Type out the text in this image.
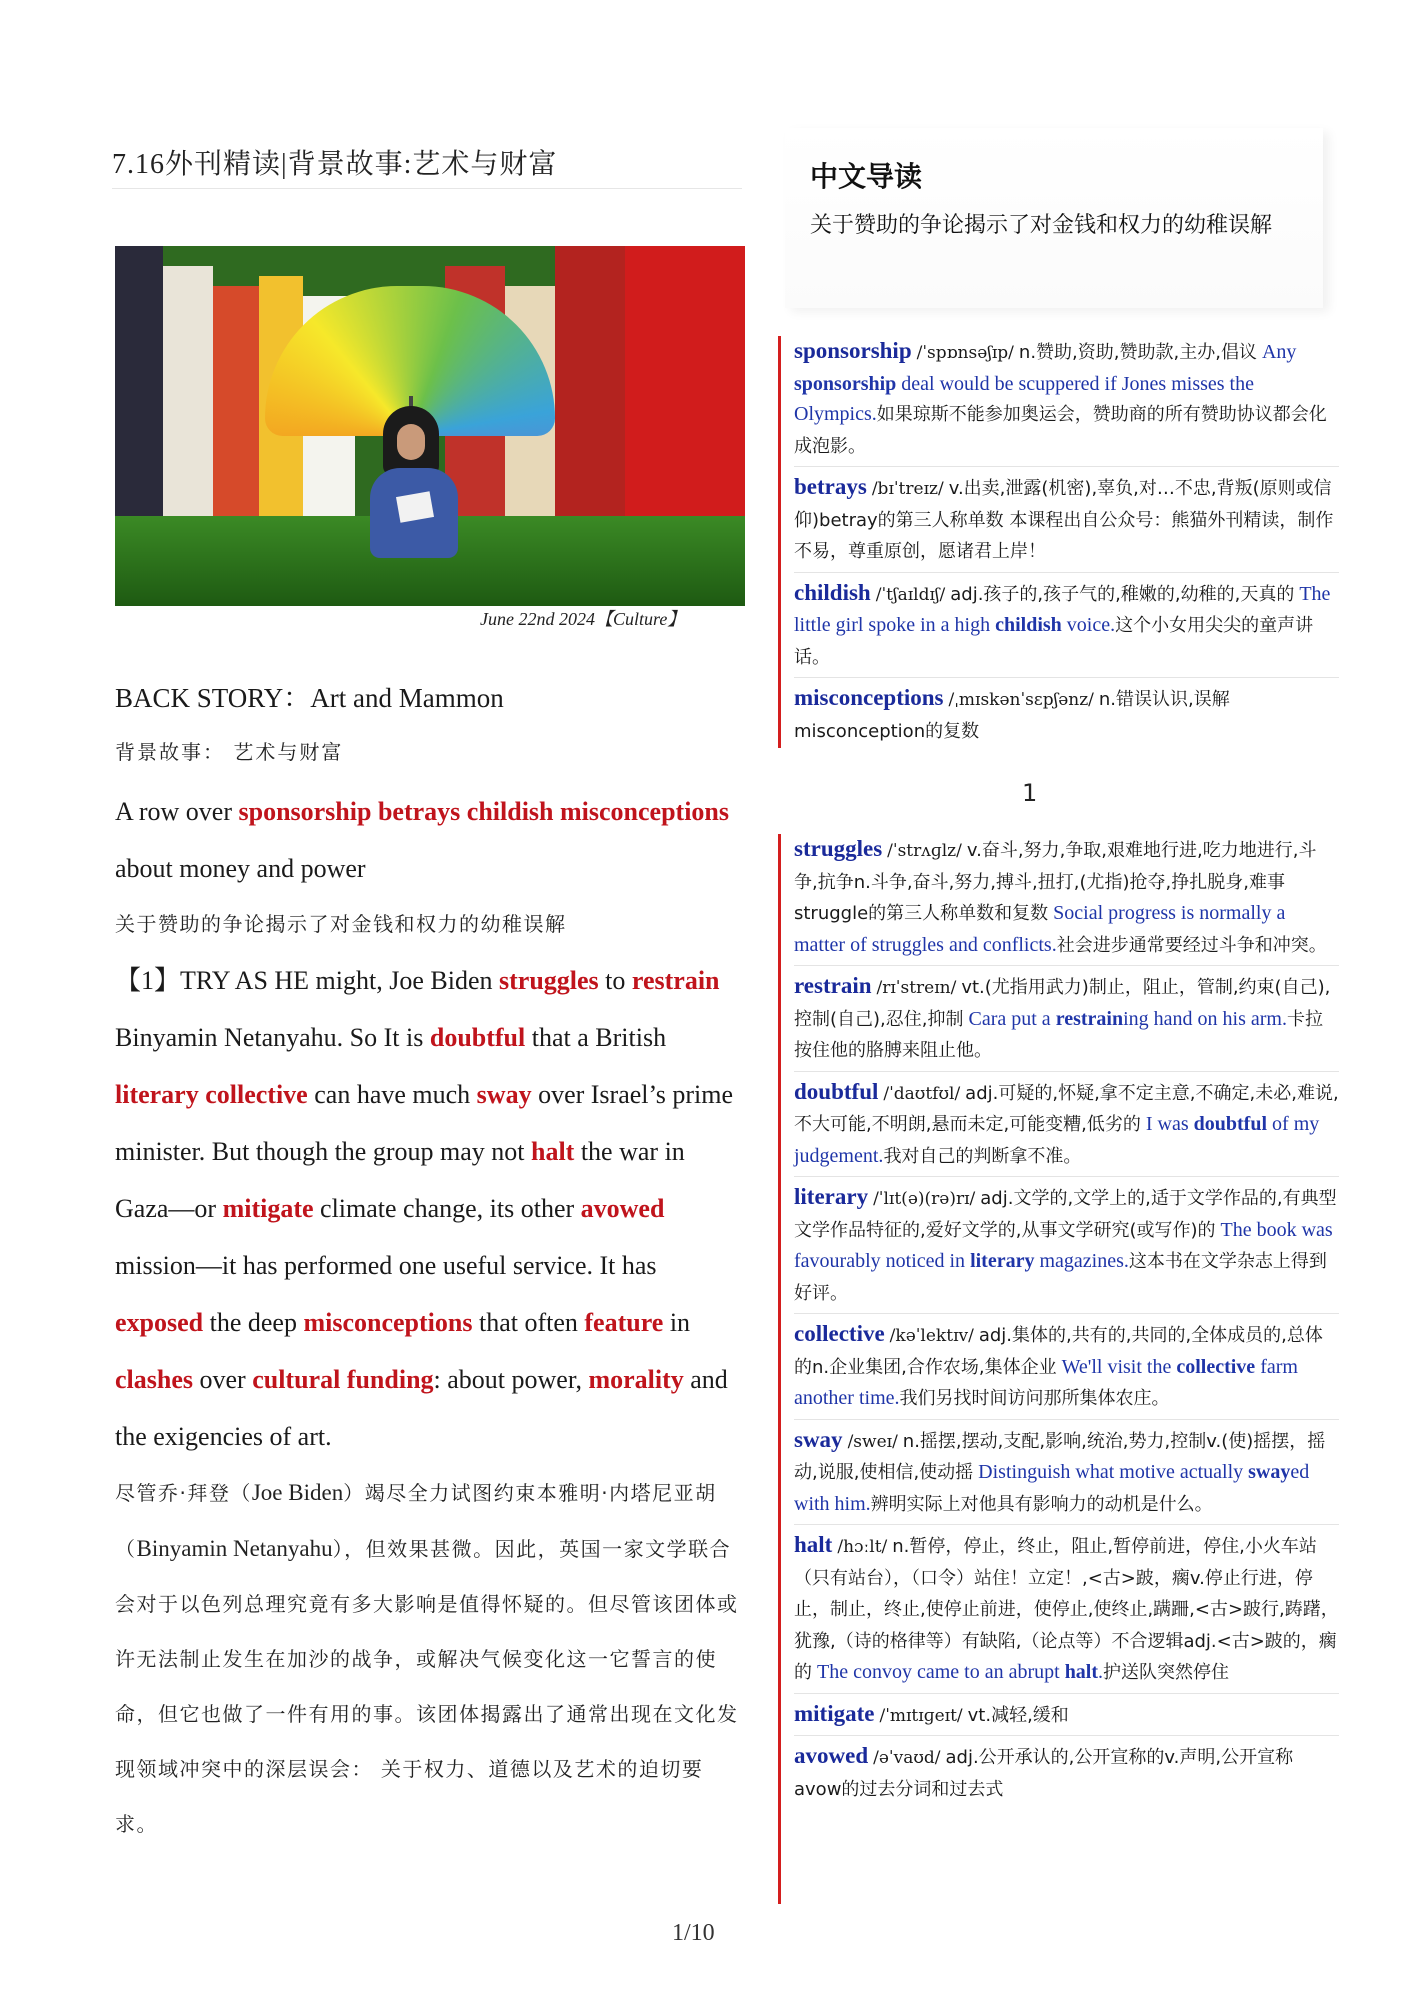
7.16外刊精读|背景故事:艺术与财富
June 22nd 2024【Culture】
BACK STORY：Art and Mammon
背景故事： 艺术与财富

A row over sponsorship betrays childish misconceptions about money and power

关于赞助的争论揭示了对金钱和权力的幼稚误解

【1】TRY AS HE might, Joe Biden struggles to restrain Binyamin Netanyahu. So It is doubtful that a British literary collective can have much sway over Israel’s prime minister. But though the group may not halt the war in Gaza—or mitigate climate change, its other avowed mission—it has performed one useful service. It has exposed the deep misconceptions that often feature in clashes over cultural funding: about power, morality and the exigencies of art.

尽管乔·拜登（Joe Biden）竭尽全力试图约束本雅明·内塔尼亚胡（Binyamin Netanyahu），但效果甚微。因此，英国一家文学联合会对于以色列总理究竟有多大影响是值得怀疑的。但尽管该团体或许无法制止发生在加沙的战争，或解决气候变化这一它誓言的使命，但它也做了一件有用的事。该团体揭露出了通常出现在文化发现领域冲突中的深层误会： 关于权力、道德以及艺术的迫切要求。

1/10
中文导读
关于赞助的争论揭示了对金钱和权力的幼稚误解
sponsorship /ˈspɒnsəʃɪp/ n.赞助,资助,赞助款,主办,倡议 Any sponsorship deal would be scuppered if Jones misses the Olympics.如果琼斯不能参加奥运会，赞助商的所有赞助协议都会化成泡影。
betrays /bɪˈtreɪz/ v.出卖,泄露(机密),辜负,对…不忠,背叛(原则或信仰)betray的第三人称单数 本课程出自公众号：熊猫外刊精读，制作不易，尊重原创，愿诸君上岸！
childish /ˈtʃaɪldɪʃ/ adj.孩子的,孩子气的,稚嫩的,幼稚的,天真的 The little girl spoke in a high childish voice.这个小女用尖尖的童声讲话。
misconceptions /ˌmɪskənˈsɛpʃənz/ n.错误认识,误解 misconception的复数
1
struggles /ˈstrʌɡlz/ v.奋斗,努力,争取,艰难地行进,吃力地进行,斗争,抗争n.斗争,奋斗,努力,搏斗,扭打,(尤指)抢夺,挣扎脱身,难事struggle的第三人称单数和复数 Social progress is normally a matter of struggles and conflicts.社会进步通常要经过斗争和冲突。
restrain /rɪˈstreɪn/ vt.(尤指用武力)制止，阻止，管制,约束(自己),控制(自己),忍住,抑制 Cara put a restraining hand on his arm.卡拉按住他的胳膊来阻止他。
doubtful /ˈdaʊtfʊl/ adj.可疑的,怀疑,拿不定主意,不确定,未必,难说,不大可能,不明朗,悬而未定,可能变糟,低劣的 I was doubtful of my judgement.我对自己的判断拿不准。
literary /ˈlɪt(ə)(rə)rɪ/ adj.文学的,文学上的,适于文学作品的,有典型文学作品特征的,爱好文学的,从事文学研究(或写作)的 The book was favourably noticed in literary magazines.这本书在文学杂志上得到好评。
collective /kəˈlektɪv/ adj.集体的,共有的,共同的,全体成员的,总体的n.企业集团,合作农场,集体企业 We'll visit the collective farm another time.我们另找时间访问那所集体农庄。
sway /sweɪ/ n.摇摆,摆动,支配,影响,统治,势力,控制v.(使)摇摆，摇动,说服,使相信,使动摇 Distinguish what motive actually swayed with him.辨明实际上对他具有影响力的动机是什么。
halt /hɔːlt/ n.暂停，停止，终止，阻止,暂停前进，停住,小火车站（只有站台），（口令）站住！立定！,<古>跛，瘸v.停止行进，停止，制止，终止,使停止前进，使停止,使终止,蹒跚,<古>跛行,踌躇，犹豫,（诗的格律等）有缺陷,（论点等）不合逻辑adj.<古>跛的，瘸的 The convoy came to an abrupt halt.护送队突然停住
mitigate /ˈmɪtɪɡeɪt/ vt.减轻,缓和
avowed /əˈvaʊd/ adj.公开承认的,公开宣称的v.声明,公开宣称avow的过去分词和过去式
